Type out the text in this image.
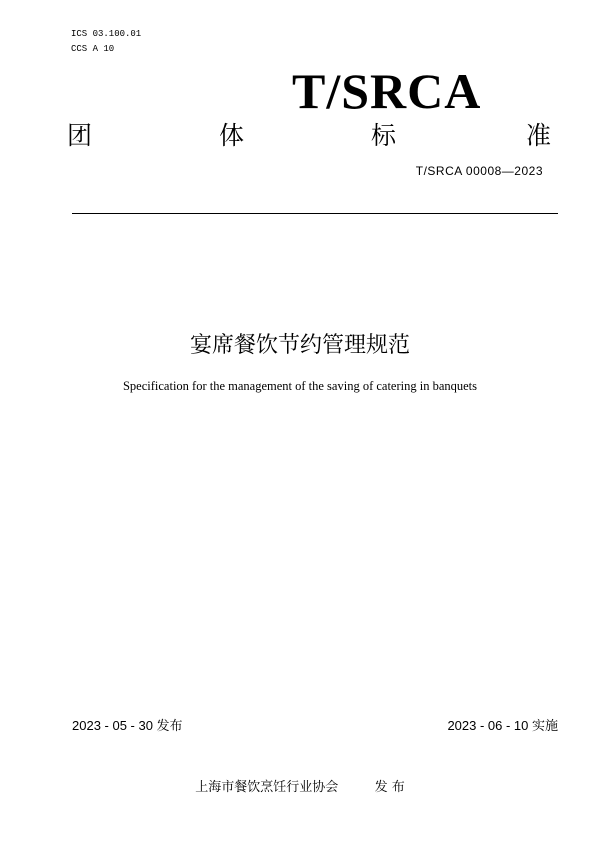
ICS 03.100.01
CCS A 10
T/SRCA
团	体	标	准
T/SRCA 00008—2023
宴席餐饮节约管理规范
Specification for the management of the saving of catering in banquets
2023 - 05 - 30 发布	2023 - 06 - 10 实施
上海市餐饮烹饪行业协会	发 布
